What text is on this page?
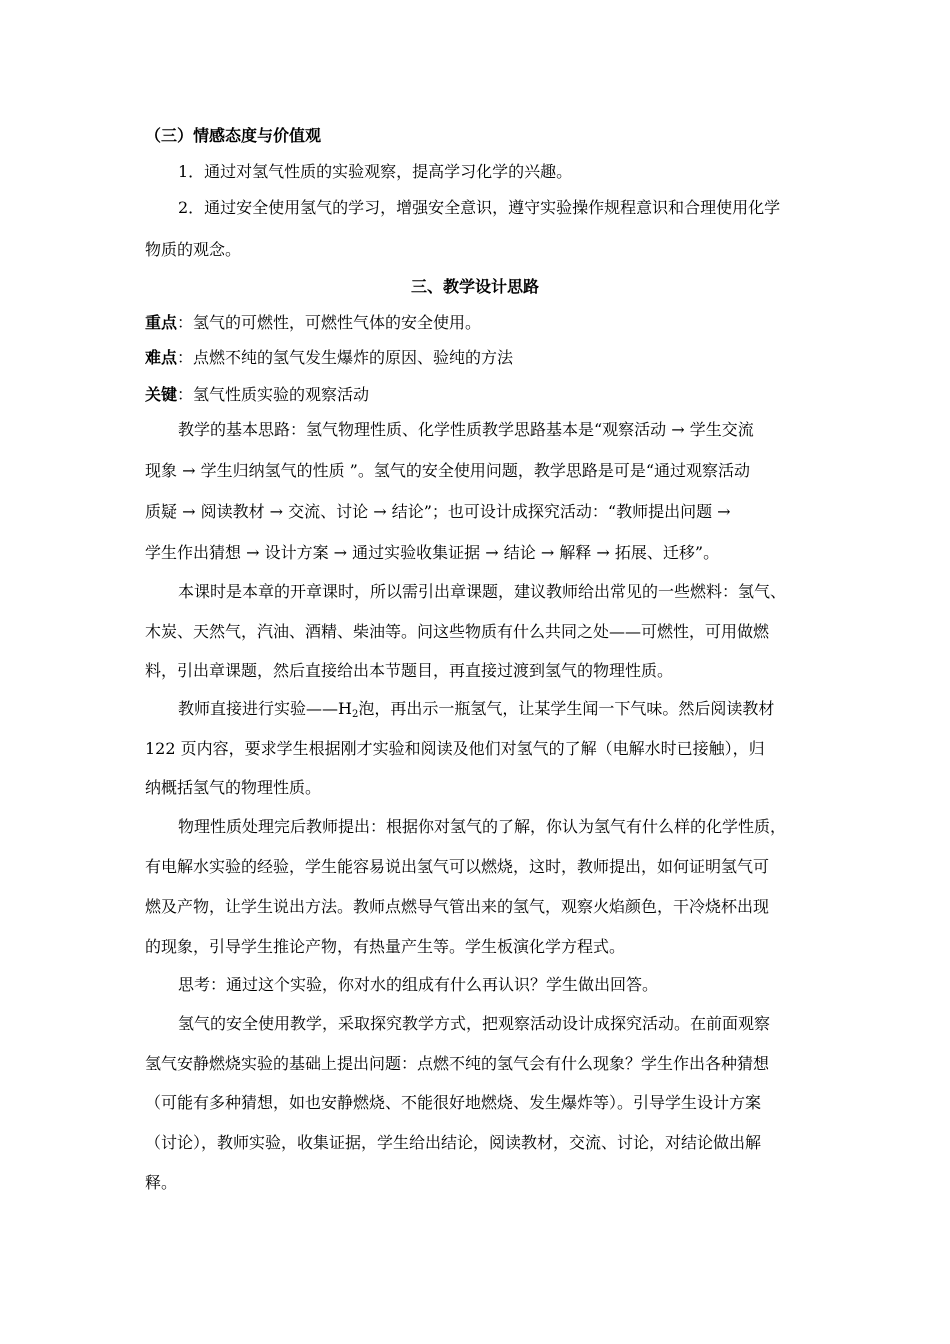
（三）情感态度与价值观
1．通过对氢气性质的实验观察，提高学习化学的兴趣。
2．通过安全使用氢气的学习，增强安全意识，遵守实验操作规程意识和合理使用化学
物质的观念。
三、教学设计思路
重点：氢气的可燃性，可燃性气体的安全使用。
难点：点燃不纯的氢气发生爆炸的原因、验纯的方法
关键：氢气性质实验的观察活动
教学的基本思路：氢气物理性质、化学性质教学思路基本是“观察活动 → 学生交流
现象 → 学生归纳氢气的性质 ”。氢气的安全使用问题，教学思路是可是“通过观察活动
质疑 → 阅读教材 → 交流、讨论 → 结论”；也可设计成探究活动：“教师提出问题 →
学生作出猜想 → 设计方案 → 通过实验收集证据 → 结论 → 解释 → 拓展、迁移”。
本课时是本章的开章课时，所以需引出章课题，建议教师给出常见的一些燃料：氢气、
木炭、天然气，汽油、酒精、柴油等。问这些物质有什么共同之处——可燃性，可用做燃
料，引出章课题，然后直接给出本节题目，再直接过渡到氢气的物理性质。
教师直接进行实验$——H_2$泡，再出示一瓶氢气，让某学生闻一下气味。然后阅读教材
122 页内容，要求学生根据刚才实验和阅读及他们对氢气的了解（电解水时已接触），归
纳概括氢气的物理性质。
物理性质处理完后教师提出：根据你对氢气的了解，你认为氢气有什么样的化学性质，
有电解水实验的经验，学生能容易说出氢气可以燃烧，这时，教师提出，如何证明氢气可
燃及产物，让学生说出方法。教师点燃导气管出来的氢气，观察火焰颜色，干冷烧杯出现
的现象，引导学生推论产物，有热量产生等。学生板演化学方程式。
思考：通过这个实验，你对水的组成有什么再认识？学生做出回答。
氢气的安全使用教学，采取探究教学方式，把观察活动设计成探究活动。在前面观察
氢气安静燃烧实验的基础上提出问题：点燃不纯的氢气会有什么现象？学生作出各种猜想
（可能有多种猜想，如也安静燃烧、不能很好地燃烧、发生爆炸等）。引导学生设计方案
（讨论），教师实验，收集证据，学生给出结论，阅读教材，交流、讨论，对结论做出解
释。
